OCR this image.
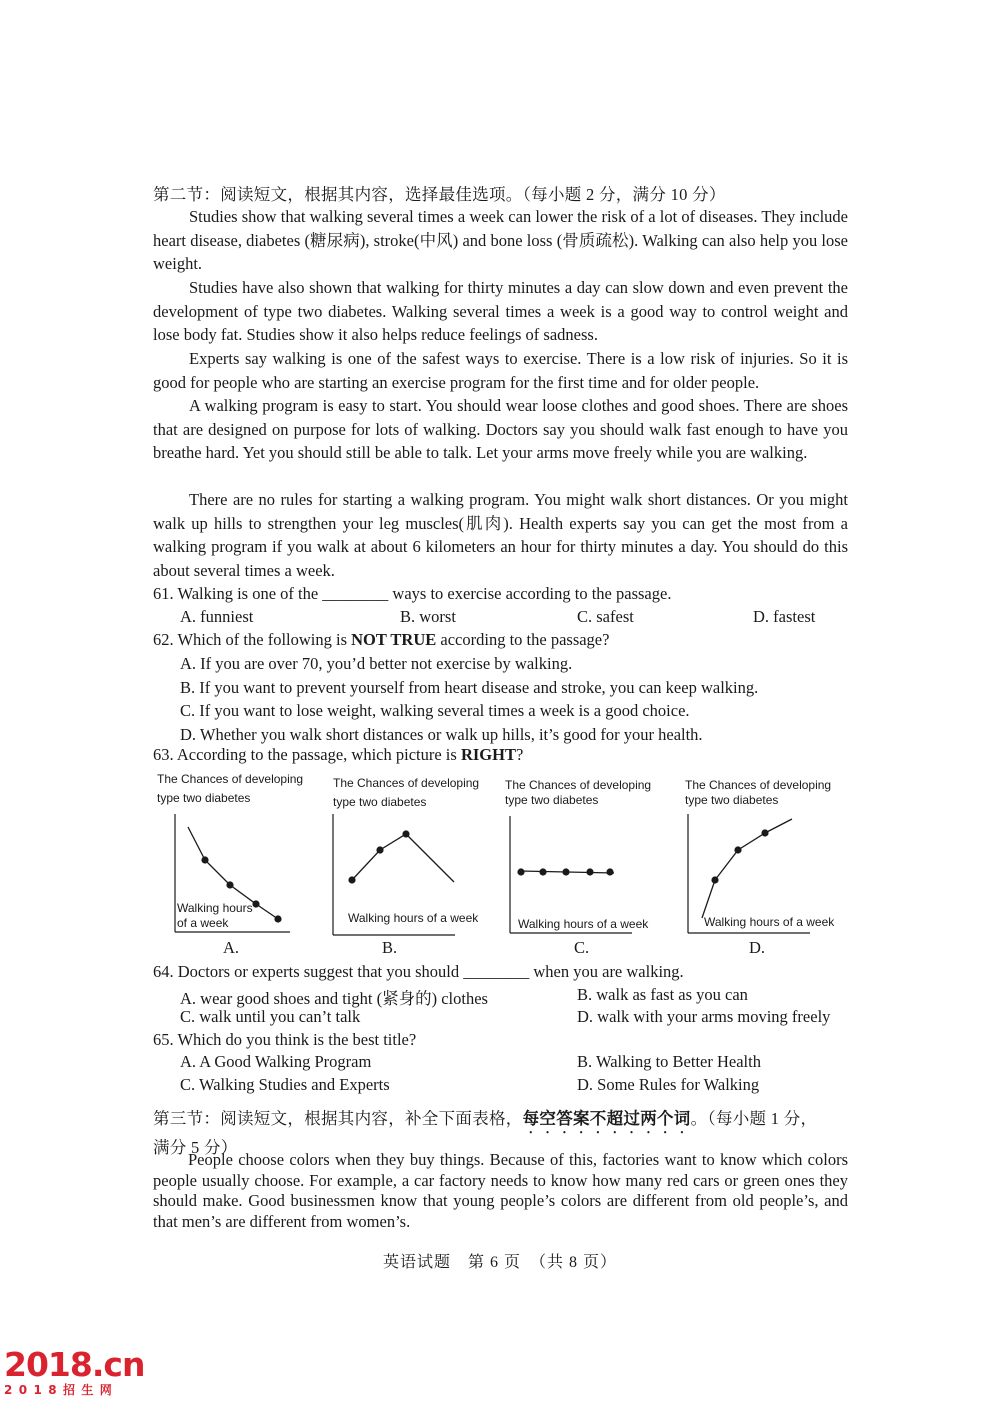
第二节：阅读短文，根据其内容，选择最佳选项。（每小题 2 分，满分 10 分）
Studies show that walking several times a week can lower the risk of a lot of diseases. They include heart disease, diabetes (糖尿病), stroke(中风) and bone loss (骨质疏松). Walking can also help you lose weight.
Studies have also shown that walking for thirty minutes a day can slow down and even prevent the development of type two diabetes. Walking several times a week is a good way to control weight and lose body fat. Studies show it also helps reduce feelings of sadness.
Experts say walking is one of the safest ways to exercise. There is a low risk of injuries. So it is good for people who are starting an exercise program for the first time and for older people.
A walking program is easy to start. You should wear loose clothes and good shoes. There are shoes that are designed on purpose for lots of walking. Doctors say you should walk fast enough to have you breathe hard. Yet you should still be able to talk. Let your arms move freely while you are walking.
There are no rules for starting a walking program. You might walk short distances. Or you might walk up hills to strengthen your leg muscles(肌肉). Health experts say you can get the most from a walking program if you walk at about 6 kilometers an hour for thirty minutes a day. You should do this about several times a week.
61. Walking is one of the ________ ways to exercise according to the passage.
A. funniest	B. worst	C. safest	D. fastest
62. Which of the following is NOT TRUE according to the passage?
A. If you are over 70, you’d better not exercise by walking.
B. If you want to prevent yourself from heart disease and stroke, you can keep walking.
C. If you want to lose weight, walking several times a week is a good choice.
D. Whether you walk short distances or walk up hills, it’s good for your health.
63. According to the passage, which picture is RIGHT?
The Chances of developing
type two diabetes
Walking hours
of a week
A.
The Chances of developing
type two diabetes
Walking hours of a week
B.
The Chances of developing
type two diabetes
Walking hours of a week
C.
The Chances of developing
type two diabetes
Walking hours of a week
D.
64. Doctors or experts suggest that you should ________ when you are walking.
A. wear good shoes and tight (紧身的) clothes	B. walk as fast as you can
C. walk until you can’t talk	D. walk with your arms moving freely
65. Which do you think is the best title?
A. A Good Walking Program	B. Walking to Better Health
C. Walking Studies and Experts	D. Some Rules for Walking
第三节：阅读短文，根据其内容，补全下面表格，每空答案不超过两个词。（每小题 1 分，
满分 5 分）
People choose colors when they buy things. Because of this, factories want to know which colors people usually choose. For example, a car factory needs to know how many red cars or green ones they should make. Good businessmen know that young people’s colors are different from old people’s, and that men’s are different from women’s.
英语试题　第 6 页　（共 8 页）
2018.cn
2018招生网
